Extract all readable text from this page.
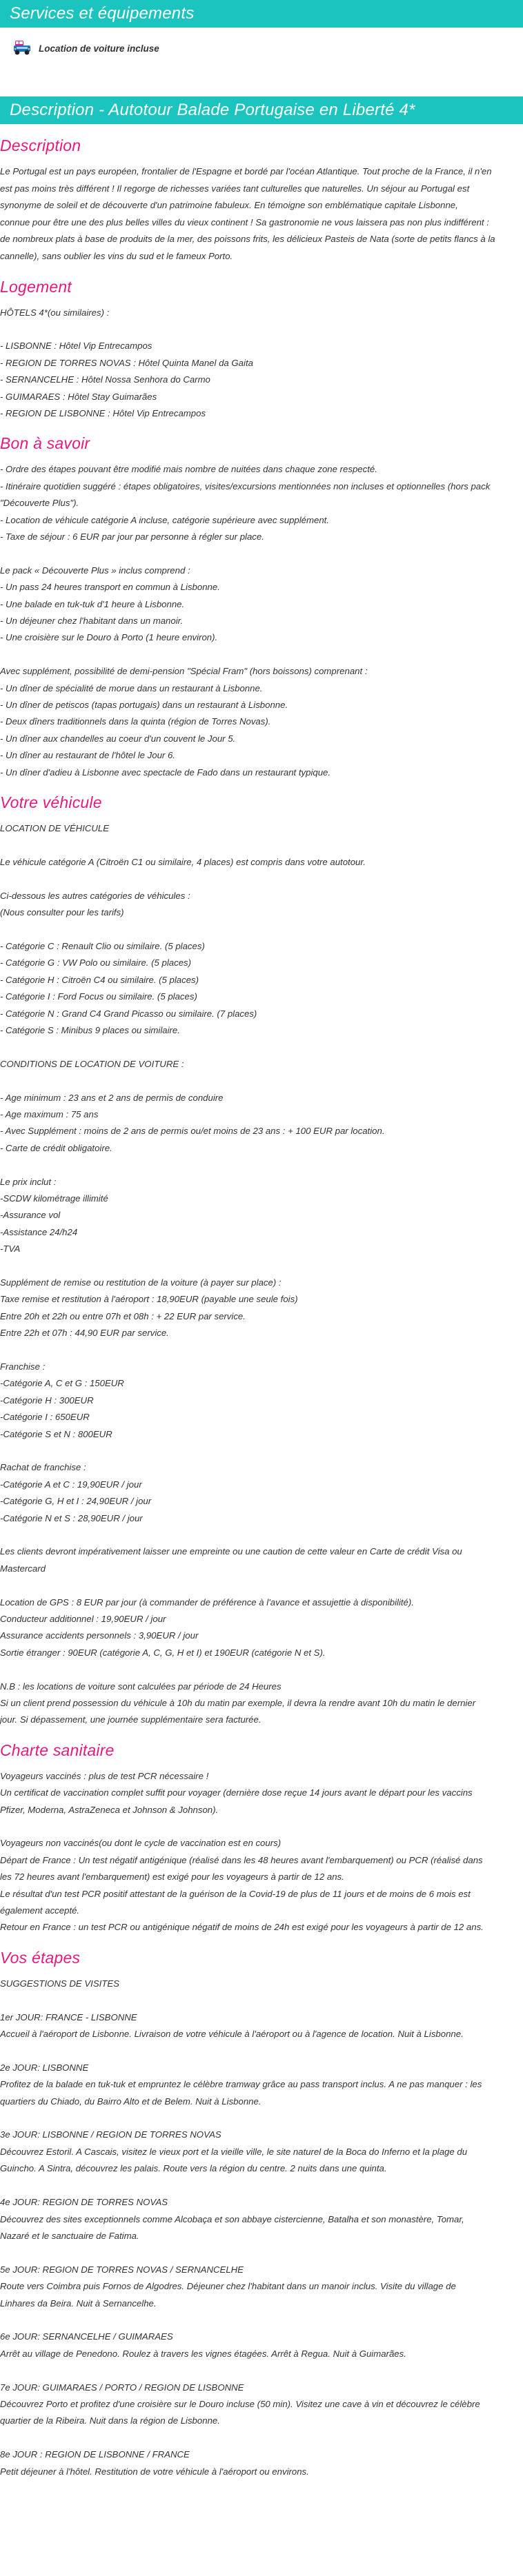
Services et équipements
Location de voiture incluse
Description - Autotour Balade Portugaise en Liberté 4*
Description
Le Portugal est un pays européen, frontalier de l'Espagne et bordé par l'océan Atlantique. Tout proche de la France, il n'en
est pas moins très différent ! Il regorge de richesses variées tant culturelles que naturelles. Un séjour au Portugal est
synonyme de soleil et de découverte d'un patrimoine fabuleux. En témoigne son emblématique capitale Lisbonne,
connue pour être une des plus belles villes du vieux continent ! Sa gastronomie ne vous laissera pas non plus indifférent :
de nombreux plats à base de produits de la mer, des poissons frits, les délicieux Pasteis de Nata (sorte de petits flancs à la
cannelle), sans oublier les vins du sud et le fameux Porto.
Logement
HÔTELS 4*(ou similaires) :
- LISBONNE : Hôtel Vip Entrecampos
- REGION DE TORRES NOVAS : Hôtel Quinta Manel da Gaita
- SERNANCELHE : Hôtel Nossa Senhora do Carmo
- GUIMARAES : Hôtel Stay Guimarães
- REGION DE LISBONNE : Hôtel Vip Entrecampos
Bon à savoir
- Ordre des étapes pouvant être modifié mais nombre de nuitées dans chaque zone respecté.
- Itinéraire quotidien suggéré : étapes obligatoires, visites/excursions mentionnées non incluses et optionnelles (hors pack
"Découverte Plus").
- Location de véhicule catégorie A incluse, catégorie supérieure avec supplément.
- Taxe de séjour : 6 EUR par jour par personne à régler sur place.
Le pack « Découverte Plus » inclus comprend :
- Un pass 24 heures transport en commun à Lisbonne.
- Une balade en tuk-tuk d'1 heure à Lisbonne.
- Un déjeuner chez l'habitant dans un manoir.
- Une croisière sur le Douro à Porto (1 heure environ).
Avec supplément, possibilité de demi-pension "Spécial Fram" (hors boissons) comprenant :
- Un dîner de spécialité de morue dans un restaurant à Lisbonne.
- Un dîner de petiscos (tapas portugais) dans un restaurant à Lisbonne.
- Deux dîners traditionnels dans la quinta (région de Torres Novas).
- Un dîner aux chandelles au coeur d'un couvent le Jour 5.
- Un dîner au restaurant de l'hôtel le Jour 6.
- Un dîner d'adieu à Lisbonne avec spectacle de Fado dans un restaurant typique.
Votre véhicule
LOCATION DE VÉHICULE
Le véhicule catégorie A (Citroën C1 ou similaire, 4 places) est compris dans votre autotour.
Ci-dessous les autres catégories de véhicules :
(Nous consulter pour les tarifs)
- Catégorie C : Renault Clio ou similaire. (5 places)
- Catégorie G : VW Polo ou similaire. (5 places)
- Catégorie H : Citroën C4 ou similaire. (5 places)
- Catégorie I : Ford Focus ou similaire. (5 places)
- Catégorie N : Grand C4 Grand Picasso ou similaire. (7 places)
- Catégorie S : Minibus 9 places ou similaire.
CONDITIONS DE LOCATION DE VOITURE :
- Age minimum : 23 ans et 2 ans de permis de conduire
- Age maximum : 75 ans
- Avec Supplément : moins de 2 ans de permis ou/et moins de 23 ans : + 100 EUR par location.
- Carte de crédit obligatoire.
Le prix inclut :
-SCDW kilométrage illimité
-Assurance vol
-Assistance 24/h24
-TVA
Supplément de remise ou restitution de la voiture (à payer sur place) :
Taxe remise et restitution à l'aéroport : 18,90EUR (payable une seule fois)
Entre 20h et 22h ou entre 07h et 08h : + 22 EUR par service.
Entre 22h et 07h : 44,90 EUR par service.
Franchise :
-Catégorie A, C et G : 150EUR
-Catégorie H : 300EUR
-Catégorie I : 650EUR
-Catégorie S et N : 800EUR
Rachat de franchise :
-Catégorie A et C : 19,90EUR / jour
-Catégorie G, H et I : 24,90EUR / jour
-Catégorie N et S : 28,90EUR / jour
Les clients devront impérativement laisser une empreinte ou une caution de cette valeur en Carte de crédit Visa ou
Mastercard
Location de GPS : 8 EUR par jour (à commander de préférence à l'avance et assujettie à disponibilité).
Conducteur additionnel : 19,90EUR / jour
Assurance accidents personnels : 3,90EUR / jour
Sortie étranger : 90EUR (catégorie A, C, G, H et I) et 190EUR (catégorie N et S).
N.B : les locations de voiture sont calculées par période de 24 Heures
Si un client prend possession du véhicule à 10h du matin par exemple, il devra la rendre avant 10h du matin le dernier
jour. Si dépassement, une journée supplémentaire sera facturée.
Charte sanitaire
Voyageurs vaccinés : plus de test PCR nécessaire !
Un certificat de vaccination complet suffit pour voyager (dernière dose reçue 14 jours avant le départ pour les vaccins
Pfizer, Moderna, AstraZeneca et Johnson & Johnson).
Voyageurs non vaccinés(ou dont le cycle de vaccination est en cours)
Départ de France : Un test négatif antigénique (réalisé dans les 48 heures avant l'embarquement) ou PCR (réalisé dans
les 72 heures avant l'embarquement) est exigé pour les voyageurs à partir de 12 ans.
Le résultat d'un test PCR positif attestant de la guérison de la Covid-19 de plus de 11 jours et de moins de 6 mois est
également accepté.
Retour en France : un test PCR ou antigénique négatif de moins de 24h est exigé pour les voyageurs à partir de 12 ans.
Vos étapes
SUGGESTIONS DE VISITES
1er JOUR: FRANCE - LISBONNE
Accueil à l'aéroport de Lisbonne. Livraison de votre véhicule à l'aéroport ou à l'agence de location. Nuit à Lisbonne.
2e JOUR: LISBONNE
Profitez de la balade en tuk-tuk et empruntez le célèbre tramway grâce au pass transport inclus. A ne pas manquer : les
quartiers du Chiado, du Bairro Alto et de Belem. Nuit à Lisbonne.
3e JOUR: LISBONNE / REGION DE TORRES NOVAS
Découvrez Estoril. A Cascais, visitez le vieux port et la vieille ville, le site naturel de la Boca do Inferno et la plage du
Guincho. A Sintra, découvrez les palais. Route vers la région du centre. 2 nuits dans une quinta.
4e JOUR: REGION DE TORRES NOVAS
Découvrez des sites exceptionnels comme Alcobaça et son abbaye cistercienne, Batalha et son monastère, Tomar,
Nazaré et le sanctuaire de Fatima.
5e JOUR: REGION DE TORRES NOVAS / SERNANCELHE
Route vers Coimbra puis Fornos de Algodres. Déjeuner chez l'habitant dans un manoir inclus. Visite du village de
Linhares da Beira. Nuit à Sernancelhe.
6e JOUR: SERNANCELHE / GUIMARAES
Arrêt au village de Penedono. Roulez à travers les vignes étagées. Arrêt à Regua. Nuit à Guimarães.
7e JOUR: GUIMARAES / PORTO / REGION DE LISBONNE
Découvrez Porto et profitez d'une croisière sur le Douro incluse (50 min). Visitez une cave à vin et découvrez le célèbre
quartier de la Ribeira. Nuit dans la région de Lisbonne.
8e JOUR : REGION DE LISBONNE / FRANCE
Petit déjeuner à l'hôtel. Restitution de votre véhicule à l'aéroport ou environs.
